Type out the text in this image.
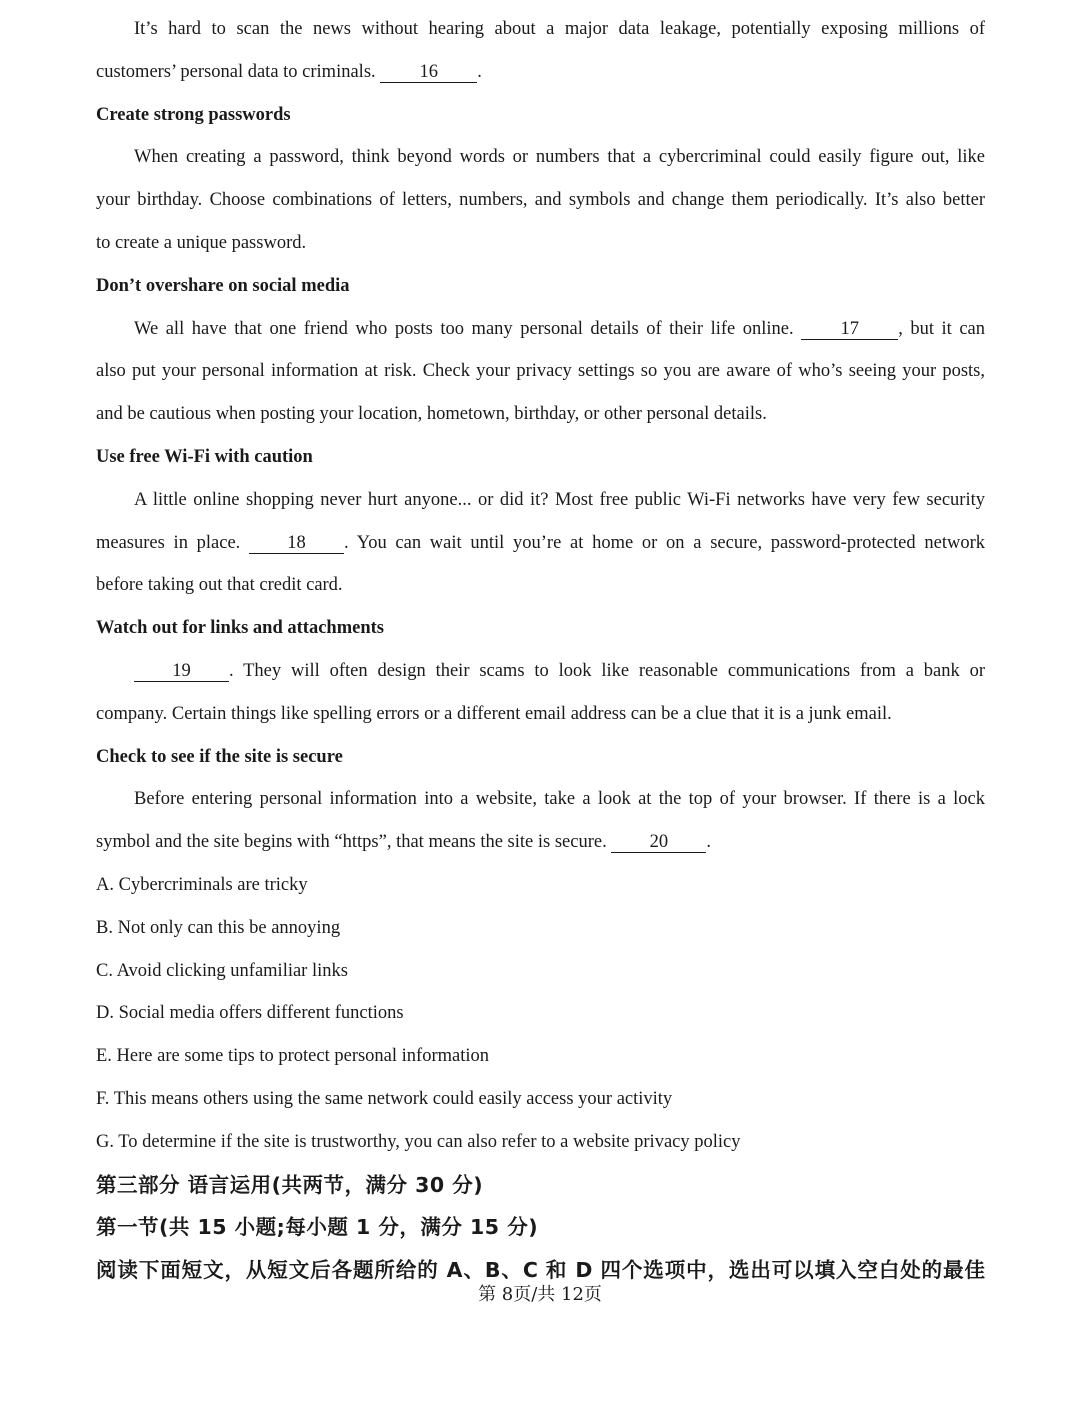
It’s hard to scan the news without hearing about a major data leakage, potentially exposing millions of
customers’ personal data to criminals. 16 .
Create strong passwords
When creating a password, think beyond words or numbers that a cybercriminal could easily figure out, like
your birthday. Choose combinations of letters, numbers, and symbols and change them periodically. It’s also better
to create a unique password.
Don’t overshare on social media
We all have that one friend who posts too many personal details of their life online. 17 , but it can
also put your personal information at risk. Check your privacy settings so you are aware of who’s seeing your posts,
and be cautious when posting your location, hometown, birthday, or other personal details.
Use free Wi-Fi with caution
A little online shopping never hurt anyone... or did it? Most free public Wi-Fi networks have very few security
measures in place. 18 . You can wait until you’re at home or on a secure, password-protected network
before taking out that credit card.
Watch out for links and attachments
19 . They will often design their scams to look like reasonable communications from a bank or
company. Certain things like spelling errors or a different email address can be a clue that it is a junk email.
Check to see if the site is secure
Before entering personal information into a website, take a look at the top of your browser. If there is a lock
symbol and the site begins with “https”, that means the site is secure. 20 .
A. Cybercriminals are tricky
B. Not only can this be annoying
C. Avoid clicking unfamiliar links
D. Social media offers different functions
E. Here are some tips to protect personal information
F. This means others using the same network could easily access your activity
G. To determine if the site is trustworthy, you can also refer to a website privacy policy
第三部分 语言运用(共两节，满分 30 分)
第一节(共 15 小题;每小题 1 分，满分 15 分)
阅读下面短文，从短文后各题所给的 A、B、C 和 D 四个选项中，选出可以填入空白处的最佳
第 8页/共 12页
